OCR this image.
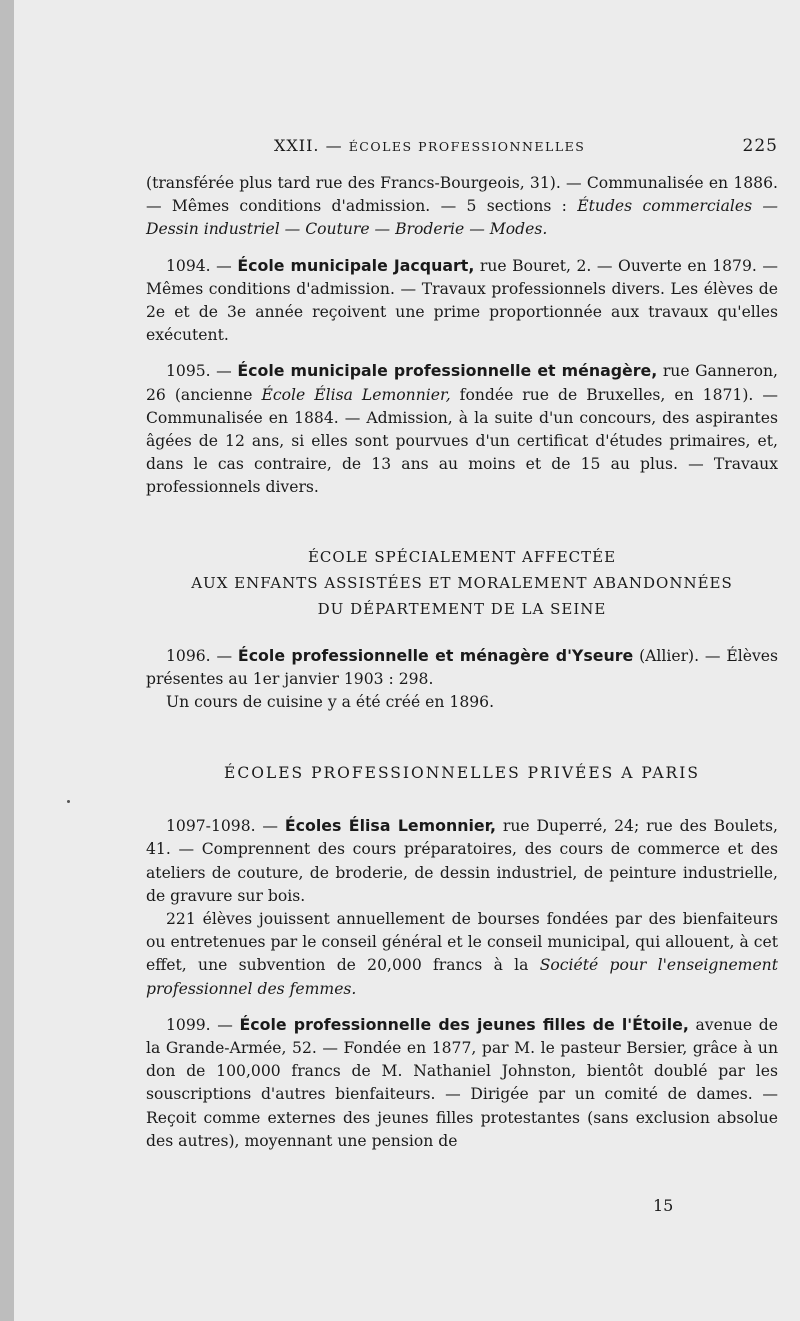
XXII. — ÉCOLES PROFESSIONNELLES	225

(transférée plus tard rue des Francs-Bourgeois, 31). — Communalisée en 1886. — Mêmes conditions d'admission. — 5 sections : Études commerciales — Dessin industriel — Couture — Broderie — Modes.

1094. — École municipale Jacquart, rue Bouret, 2. — Ouverte en 1879. — Mêmes conditions d'admission. — Travaux professionnels divers. Les élèves de 2e et de 3e année reçoivent une prime proportionnée aux travaux qu'elles exécutent.

1095. — École municipale professionnelle et ménagère, rue Ganneron, 26 (ancienne École Élisa Lemonnier, fondée rue de Bruxelles, en 1871). — Communalisée en 1884. — Admission, à la suite d'un concours, des aspirantes âgées de 12 ans, si elles sont pourvues d'un certificat d'études primaires, et, dans le cas contraire, de 13 ans au moins et de 15 au plus. — Travaux professionnels divers.

ÉCOLE SPÉCIALEMENT AFFECTÉE
AUX ENFANTS ASSISTÉES ET MORALEMENT ABANDONNÉES
DU DÉPARTEMENT DE LA SEINE

1096. — École professionnelle et ménagère d'Yseure (Allier). — Élèves présentes au 1er janvier 1903 : 298.

Un cours de cuisine y a été créé en 1896.

ÉCOLES PROFESSIONNELLES PRIVÉES A PARIS

1097-1098. — Écoles Élisa Lemonnier, rue Duperré, 24; rue des Boulets, 41. — Comprennent des cours préparatoires, des cours de commerce et des ateliers de couture, de broderie, de dessin industriel, de peinture industrielle, de gravure sur bois.

221 élèves jouissent annuellement de bourses fondées par des bienfaiteurs ou entretenues par le conseil général et le conseil municipal, qui allouent, à cet effet, une subvention de 20,000 francs à la Société pour l'enseignement professionnel des femmes.

1099. — École professionnelle des jeunes filles de l'Étoile, avenue de la Grande-Armée, 52. — Fondée en 1877, par M. le pasteur Bersier, grâce à un don de 100,000 francs de M. Nathaniel Johnston, bientôt doublé par les souscriptions d'autres bienfaiteurs. — Dirigée par un comité de dames. — Reçoit comme externes des jeunes filles protestantes (sans exclusion absolue des autres), moyennant une pension de

15
